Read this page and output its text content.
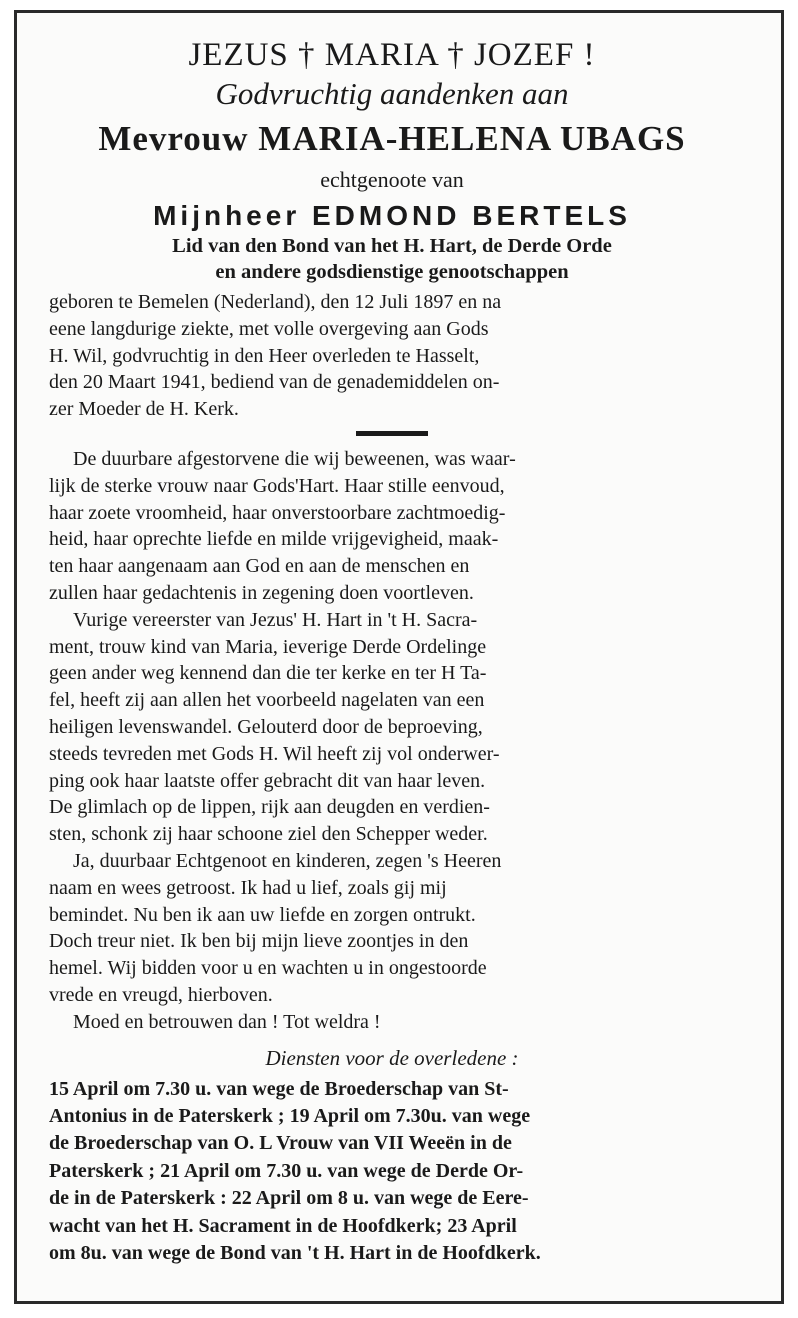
JEZUS † MARIA † JOZEF !

Godvruchtig aandenken aan

Mevrouw MARIA-HELENA UBAGS

echtgenoote van

Mijnheer EDMOND BERTELS

Lid van den Bond van het H. Hart, de Derde Orde

en andere godsdienstige genootschappen

geboren te Bemelen (Nederland), den 12 Juli 1897 en na

eene langdurige ziekte, met volle overgeving aan Gods

H. Wil, godvruchtig in den Heer overleden te Hasselt,

den 20 Maart 1941, bediend van de genademiddelen on-

zer Moeder de H. Kerk.

De duurbare afgestorvene die wij beweenen, was waar-

lijk de sterke vrouw naar Gods'Hart. Haar stille eenvoud,

haar zoete vroomheid, haar onverstoorbare zachtmoedig-

heid, haar oprechte liefde en milde vrijgevigheid, maak-

ten haar aangenaam aan God en aan de menschen en

zullen haar gedachtenis in zegening doen voortleven.

Vurige vereerster van Jezus' H. Hart in 't H. Sacra-

ment, trouw kind van Maria, ieverige Derde Ordelinge

geen ander weg kennend dan die ter kerke en ter H Ta-

fel, heeft zij aan allen het voorbeeld nagelaten van een

heiligen levenswandel. Gelouterd door de beproeving,

steeds tevreden met Gods H. Wil heeft zij vol onderwer-

ping ook haar laatste offer gebracht dit van haar leven.

De glimlach op de lippen, rijk aan deugden en verdien-

sten, schonk zij haar schoone ziel den Schepper weder.

Ja, duurbaar Echtgenoot en kinderen, zegen 's Heeren

naam en wees getroost. Ik had u lief, zoals gij mij

bemindet. Nu ben ik aan uw liefde en zorgen ontrukt.

Doch treur niet. Ik ben bij mijn lieve zoontjes in den

hemel. Wij bidden voor u en wachten u in ongestoorde

vrede en vreugd, hierboven.

Moed en betrouwen dan ! Tot weldra !

Diensten voor de overledene :

15 April om 7.30 u. van wege de Broederschap van St-

Antonius in de Paterskerk ; 19 April om 7.30u. van wege

de Broederschap van O. L Vrouw van VII Weeën in de

Paterskerk ; 21 April om 7.30 u. van wege de Derde Or-

de in de Paterskerk : 22 April om 8 u. van wege de Eere-

wacht van het H. Sacrament in de Hoofdkerk; 23 April

om 8u. van wege de Bond van 't H. Hart in de Hoofdkerk.
